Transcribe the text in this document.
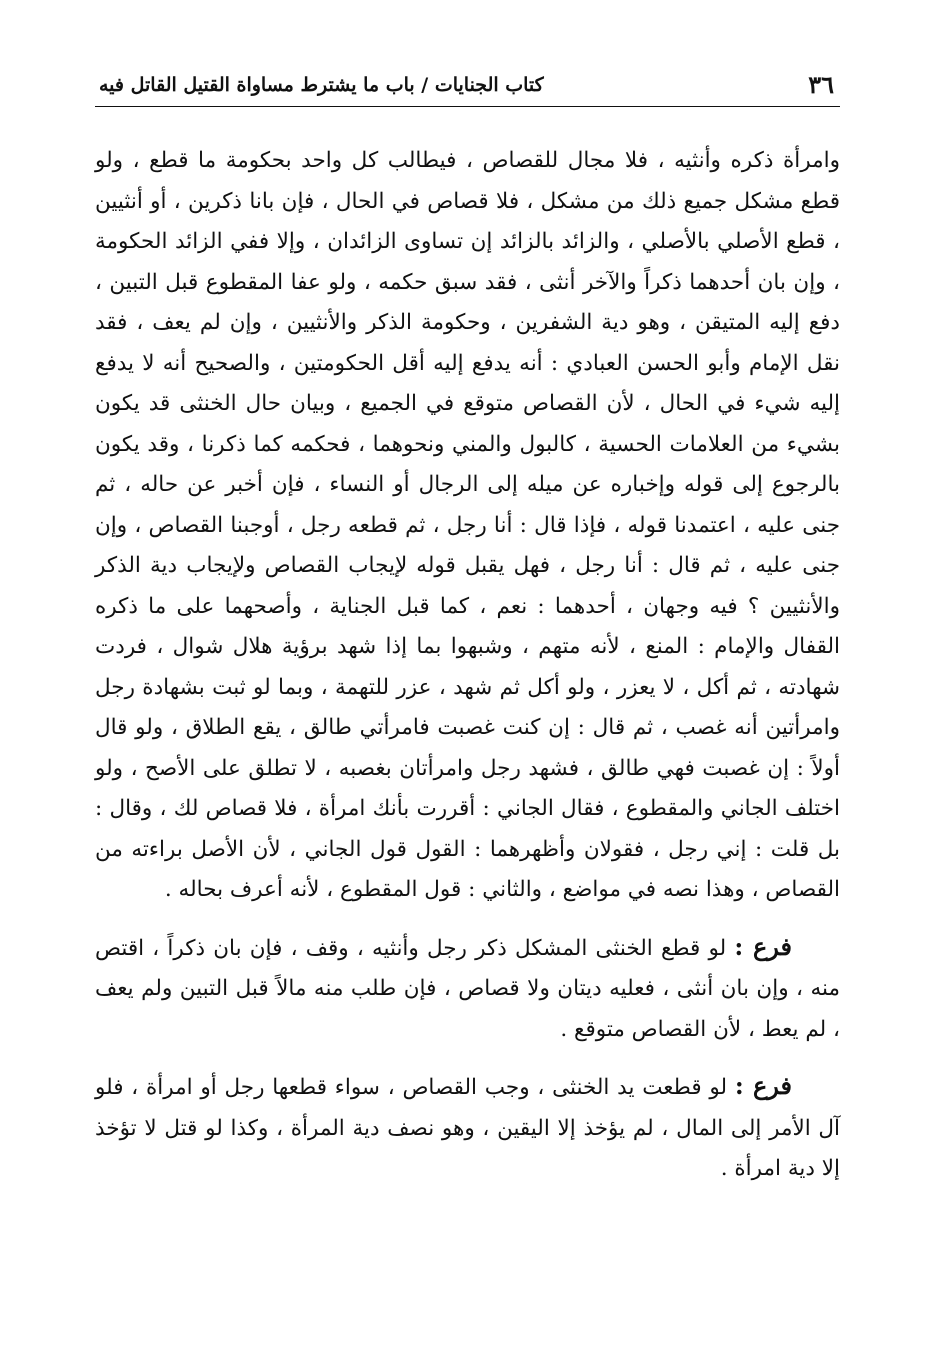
٣٦
كتاب الجنايات / باب ما يشترط مساواة القتيل القاتل فيه

وامرأة ذكره وأنثيه ، فلا مجال للقصاص ، فيطالب كل واحد بحكومة ما قطع ، ولو قطع مشكل جميع ذلك من مشكل ، فلا قصاص في الحال ، فإن بانا ذكرين ، أو أنثيين ، قطع الأصلي بالأصلي ، والزائد بالزائد إن تساوى الزائدان ، وإلا ففي الزائد الحكومة ، وإن بان أحدهما ذكراً والآخر أنثى ، فقد سبق حكمه ، ولو عفا المقطوع قبل التبين ، دفع إليه المتيقن ، وهو دية الشفرين ، وحكومة الذكر والأنثيين ، وإن لم يعف ، فقد نقل الإمام وأبو الحسن العبادي : أنه يدفع إليه أقل الحكومتين ، والصحيح أنه لا يدفع إليه شيء في الحال ، لأن القصاص متوقع في الجميع ، وبيان حال الخنثى قد يكون بشيء من العلامات الحسية ، كالبول والمني ونحوهما ، فحكمه كما ذكرنا ، وقد يكون بالرجوع إلى قوله وإخباره عن ميله إلى الرجال أو النساء ، فإن أخبر عن حاله ، ثم جنى عليه ، اعتمدنا قوله ، فإذا قال : أنا رجل ، ثم قطعه رجل ، أوجبنا القصاص ، وإن جنى عليه ، ثم قال : أنا رجل ، فهل يقبل قوله لإيجاب القصاص ولإيجاب دية الذكر والأنثيين ؟ فيه وجهان ، أحدهما : نعم ، كما قبل الجناية ، وأصحهما على ما ذكره القفال والإمام : المنع ، لأنه متهم ، وشبهوا بما إذا شهد برؤية هلال شوال ، فردت شهادته ، ثم أكل ، لا يعزر ، ولو أكل ثم شهد ، عزر للتهمة ، وبما لو ثبت بشهادة رجل وامرأتين أنه غصب ، ثم قال : إن كنت غصبت فامرأتي طالق ، يقع الطلاق ، ولو قال أولاً : إن غصبت فهي طالق ، فشهد رجل وامرأتان بغصبه ، لا تطلق على الأصح ، ولو اختلف الجاني والمقطوع ، فقال الجاني : أقررت بأنك امرأة ، فلا قصاص لك ، وقال : بل قلت : إني رجل ، فقولان وأظهرهما : القول قول الجاني ، لأن الأصل براءته من القصاص ، وهذا نصه في مواضع ، والثاني : قول المقطوع ، لأنه أعرف بحاله .

فرع : لو قطع الخنثى المشكل ذكر رجل وأنثيه ، وقف ، فإن بان ذكراً ، اقتص منه ، وإن بان أنثى ، فعليه ديتان ولا قصاص ، فإن طلب منه مالاً قبل التبين ولم يعف ، لم يعط ، لأن القصاص متوقع .

فرع : لو قطعت يد الخنثى ، وجب القصاص ، سواء قطعها رجل أو امرأة ، فلو آل الأمر إلى المال ، لم يؤخذ إلا اليقين ، وهو نصف دية المرأة ، وكذا لو قتل لا تؤخذ إلا دية امرأة .
